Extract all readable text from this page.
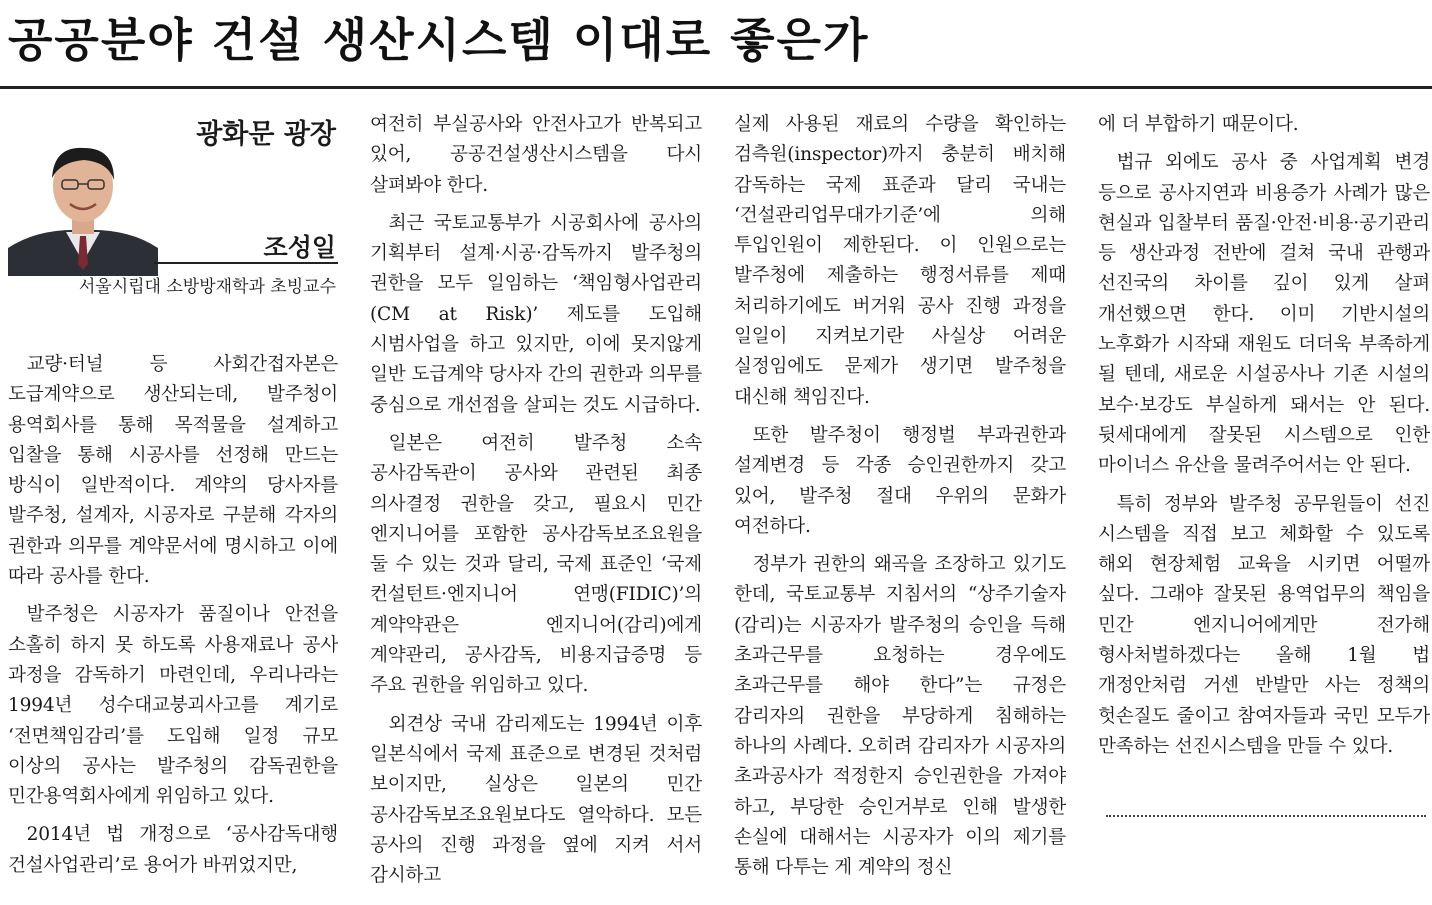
공공분야 건설 생산시스템 이대로 좋은가
광화문 광장
조성일
서울시립대 소방방재학과 초빙교수

교량·터널 등 사회간접자본은 도급계약으로 생산되는데, 발주청이 용역회사를 통해 목적물을 설계하고 입찰을 통해 시공사를 선정해 만드는 방식이 일반적이다. 계약의 당사자를 발주청, 설계자, 시공자로 구분해 각자의 권한과 의무를 계약문서에 명시하고 이에 따라 공사를 한다.

발주청은 시공자가 품질이나 안전을 소홀히 하지 못 하도록 사용재료나 공사 과정을 감독하기 마련인데, 우리나라는 1994년 성수대교붕괴사고를 계기로 ‘전면책임감리’를 도입해 일정 규모 이상의 공사는 발주청의 감독권한을 민간용역회사에게 위임하고 있다.

2014년 법 개정으로 ‘공사감독대행 건설사업관리’로 용어가 바뀌었지만,

여전히 부실공사와 안전사고가 반복되고 있어, 공공건설생산시스템을 다시 살펴봐야 한다.

최근 국토교통부가 시공회사에 공사의 기획부터 설계·시공·감독까지 발주청의 권한을 모두 일임하는 ‘책임형사업관리(CM at Risk)’ 제도를 도입해 시범사업을 하고 있지만, 이에 못지않게 일반 도급계약 당사자 간의 권한과 의무를 중심으로 개선점을 살피는 것도 시급하다.

일본은 여전히 발주청 소속 공사감독관이 공사와 관련된 최종 의사결정 권한을 갖고, 필요시 민간 엔지니어를 포함한 공사감독보조요원을 둘 수 있는 것과 달리, 국제 표준인 ‘국제 컨설턴트·엔지니어 연맹(FIDIC)’의 계약약관은 엔지니어(감리)에게 계약관리, 공사감독, 비용지급증명 등 주요 권한을 위임하고 있다.

외견상 국내 감리제도는 1994년 이후 일본식에서 국제 표준으로 변경된 것처럼 보이지만, 실상은 일본의 민간 공사감독보조요원보다도 열악하다. 모든 공사의 진행 과정을 옆에 지켜 서서 감시하고

실제 사용된 재료의 수량을 확인하는 검측원(inspector)까지 충분히 배치해 감독하는 국제 표준과 달리 국내는 ‘건설관리업무대가기준’에 의해 투입인원이 제한된다. 이 인원으로는 발주청에 제출하는 행정서류를 제때 처리하기에도 버거워 공사 진행 과정을 일일이 지켜보기란 사실상 어려운 실정임에도 문제가 생기면 발주청을 대신해 책임진다.

또한 발주청이 행정벌 부과권한과 설계변경 등 각종 승인권한까지 갖고 있어, 발주청 절대 우위의 문화가 여전하다.

정부가 권한의 왜곡을 조장하고 있기도 한데, 국토교통부 지침서의 “상주기술자(감리)는 시공자가 발주청의 승인을 득해 초과근무를 요청하는 경우에도 초과근무를 해야 한다”는 규정은 감리자의 권한을 부당하게 침해하는 하나의 사례다. 오히려 감리자가 시공자의 초과공사가 적정한지 승인권한을 가져야 하고, 부당한 승인거부로 인해 발생한 손실에 대해서는 시공자가 이의 제기를 통해 다투는 게 계약의 정신

에 더 부합하기 때문이다.

법규 외에도 공사 중 사업계획 변경 등으로 공사지연과 비용증가 사례가 많은 현실과 입찰부터 품질·안전·비용·공기관리 등 생산과정 전반에 걸쳐 국내 관행과 선진국의 차이를 깊이 있게 살펴 개선했으면 한다. 이미 기반시설의 노후화가 시작돼 재원도 더더욱 부족하게 될 텐데, 새로운 시설공사나 기존 시설의 보수·보강도 부실하게 돼서는 안 된다. 뒷세대에게 잘못된 시스템으로 인한 마이너스 유산을 물려주어서는 안 된다.

특히 정부와 발주청 공무원들이 선진 시스템을 직접 보고 체화할 수 있도록 해외 현장체험 교육을 시키면 어떨까 싶다. 그래야 잘못된 용역업무의 책임을 민간 엔지니어에게만 전가해 형사처벌하겠다는 올해 1월 법 개정안처럼 거센 반발만 사는 정책의 헛손질도 줄이고 참여자들과 국민 모두가 만족하는 선진시스템을 만들 수 있다.
